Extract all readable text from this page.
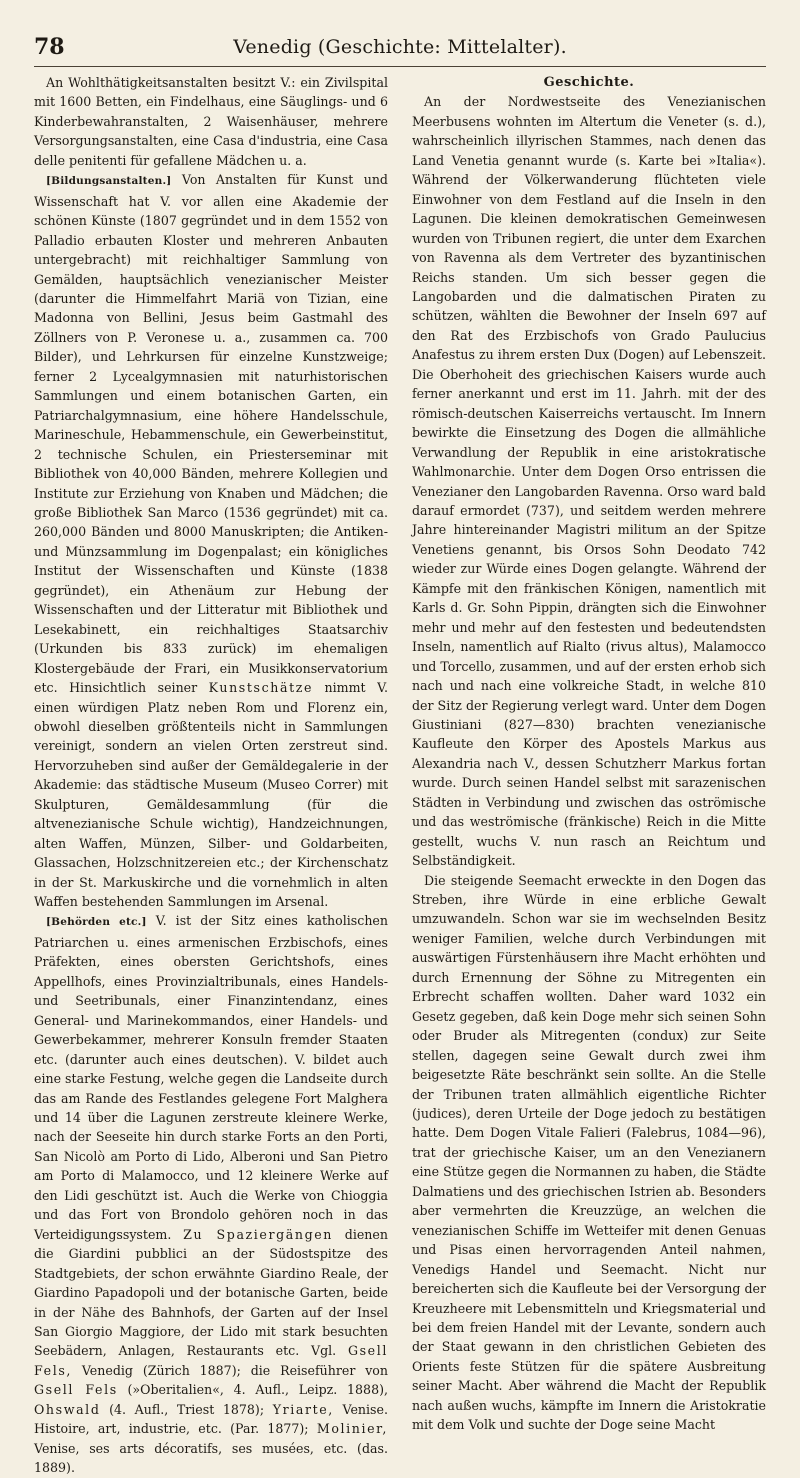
78	Venedig (Geschichte: Mittelalter).

An Wohlthätigkeitsanstalten besitzt V.: ein Zivilspital mit 1600 Betten, ein Findelhaus, eine Säuglings- und 6 Kinderbewahranstalten, 2 Waisenhäuser, mehrere Versorgungsanstalten, eine Casa d'industria, eine Casa delle penitenti für gefallene Mädchen u. a.

[Bildungsanstalten.] Von Anstalten für Kunst und Wissenschaft hat V. vor allen eine Akademie der schönen Künste (1807 gegründet und in dem 1552 von Palladio erbauten Kloster und mehreren Anbauten untergebracht) mit reichhaltiger Sammlung von Gemälden, hauptsächlich venezianischer Meister (darunter die Himmelfahrt Mariä von Tizian, eine Madonna von Bellini, Jesus beim Gastmahl des Zöllners von P. Veronese u. a., zusammen ca. 700 Bilder), und Lehrkursen für einzelne Kunstzweige; ferner 2 Lycealgymnasien mit naturhistorischen Sammlungen und einem botanischen Garten, ein Patriarchalgymnasium, eine höhere Handelsschule, Marineschule, Hebammenschule, ein Gewerbeinstitut, 2 technische Schulen, ein Priesterseminar mit Bibliothek von 40,000 Bänden, mehrere Kollegien und Institute zur Erziehung von Knaben und Mädchen; die große Bibliothek San Marco (1536 gegründet) mit ca. 260,000 Bänden und 8000 Manuskripten; die Antiken- und Münzsammlung im Dogenpalast; ein königliches Institut der Wissenschaften und Künste (1838 gegründet), ein Athenäum zur Hebung der Wissenschaften und der Litteratur mit Bibliothek und Lesekabinett, ein reichhaltiges Staatsarchiv (Urkunden bis 833 zurück) im ehemaligen Klostergebäude der Frari, ein Musikkonservatorium etc. Hinsichtlich seiner Kunstschätze nimmt V. einen würdigen Platz neben Rom und Florenz ein, obwohl dieselben größtenteils nicht in Sammlungen vereinigt, sondern an vielen Orten zerstreut sind. Hervorzuheben sind außer der Gemäldegalerie in der Akademie: das städtische Museum (Museo Correr) mit Skulpturen, Gemäldesammlung (für die altvenezianische Schule wichtig), Handzeichnungen, alten Waffen, Münzen, Silber- und Goldarbeiten, Glassachen, Holzschnitzereien etc.; der Kirchenschatz in der St. Markuskirche und die vornehmlich in alten Waffen bestehenden Sammlungen im Arsenal.

[Behörden etc.] V. ist der Sitz eines katholischen Patriarchen u. eines armenischen Erzbischofs, eines Präfekten, eines obersten Gerichtshofs, eines Appellhofs, eines Provinzialtribunals, eines Handels- und Seetribunals, einer Finanzintendanz, eines General- und Marinekommandos, einer Handels- und Gewerbekammer, mehrerer Konsuln fremder Staaten etc. (darunter auch eines deutschen). V. bildet auch eine starke Festung, welche gegen die Landseite durch das am Rande des Festlandes gelegene Fort Malghera und 14 über die Lagunen zerstreute kleinere Werke, nach der Seeseite hin durch starke Forts an den Porti, San Nicolò am Porto di Lido, Alberoni und San Pietro am Porto di Malamocco, und 12 kleinere Werke auf den Lidi geschützt ist. Auch die Werke von Chioggia und das Fort von Brondolo gehören noch in das Verteidigungssystem. Zu Spaziergängen dienen die Giardini pubblici an der Südostspitze des Stadtgebiets, der schon erwähnte Giardino Reale, der Giardino Papadopoli und der botanische Garten, beide in der Nähe des Bahnhofs, der Garten auf der Insel San Giorgio Maggiore, der Lido mit stark besuchten Seebädern, Anlagen, Restaurants etc. Vgl. Gsell Fels, Venedig (Zürich 1887); die Reiseführer von Gsell Fels (»Oberitalien«, 4. Aufl., Leipz. 1888), Ohswald (4. Aufl., Triest 1878); Yriarte, Venise. Histoire, art, industrie, etc. (Par. 1877); Molinier, Venise, ses arts décoratifs, ses musées, etc. (das. 1889).

Geschichte.

An der Nordwestseite des Venezianischen Meerbusens wohnten im Altertum die Veneter (s. d.), wahrscheinlich illyrischen Stammes, nach denen das Land Venetia genannt wurde (s. Karte bei »Italia«). Während der Völkerwanderung flüchteten viele Einwohner von dem Festland auf die Inseln in den Lagunen. Die kleinen demokratischen Gemeinwesen wurden von Tribunen regiert, die unter dem Exarchen von Ravenna als dem Vertreter des byzantinischen Reichs standen. Um sich besser gegen die Langobarden und die dalmatischen Piraten zu schützen, wählten die Bewohner der Inseln 697 auf den Rat des Erzbischofs von Grado Paulucius Anafestus zu ihrem ersten Dux (Dogen) auf Lebenszeit. Die Oberhoheit des griechischen Kaisers wurde auch ferner anerkannt und erst im 11. Jahrh. mit der des römisch-deutschen Kaiserreichs vertauscht. Im Innern bewirkte die Einsetzung des Dogen die allmähliche Verwandlung der Republik in eine aristokratische Wahlmonarchie. Unter dem Dogen Orso entrissen die Venezianer den Langobarden Ravenna. Orso ward bald darauf ermordet (737), und seitdem werden mehrere Jahre hintereinander Magistri militum an der Spitze Venetiens genannt, bis Orsos Sohn Deodato 742 wieder zur Würde eines Dogen gelangte. Während der Kämpfe mit den fränkischen Königen, namentlich mit Karls d. Gr. Sohn Pippin, drängten sich die Einwohner mehr und mehr auf den festesten und bedeutendsten Inseln, namentlich auf Rialto (rivus altus), Malamocco und Torcello, zusammen, und auf der ersten erhob sich nach und nach eine volkreiche Stadt, in welche 810 der Sitz der Regierung verlegt ward. Unter dem Dogen Giustiniani (827—830) brachten venezianische Kaufleute den Körper des Apostels Markus aus Alexandria nach V., dessen Schutzherr Markus fortan wurde. Durch seinen Handel selbst mit sarazenischen Städten in Verbindung und zwischen das oströmische und das weströmische (fränkische) Reich in die Mitte gestellt, wuchs V. nun rasch an Reichtum und Selbständigkeit.

Die steigende Seemacht erweckte in den Dogen das Streben, ihre Würde in eine erbliche Gewalt umzuwandeln. Schon war sie im wechselnden Besitz weniger Familien, welche durch Verbindungen mit auswärtigen Fürstenhäusern ihre Macht erhöhten und durch Ernennung der Söhne zu Mitregenten ein Erbrecht schaffen wollten. Daher ward 1032 ein Gesetz gegeben, daß kein Doge mehr sich seinen Sohn oder Bruder als Mitregenten (condux) zur Seite stellen, dagegen seine Gewalt durch zwei ihm beigesetzte Räte beschränkt sein sollte. An die Stelle der Tribunen traten allmählich eigentliche Richter (judices), deren Urteile der Doge jedoch zu bestätigen hatte. Dem Dogen Vitale Falieri (Falebrus, 1084—96), trat der griechische Kaiser, um an den Venezianern eine Stütze gegen die Normannen zu haben, die Städte Dalmatiens und des griechischen Istrien ab. Besonders aber vermehrten die Kreuzzüge, an welchen die venezianischen Schiffe im Wetteifer mit denen Genuas und Pisas einen hervorragenden Anteil nahmen, Venedigs Handel und Seemacht. Nicht nur bereicherten sich die Kaufleute bei der Versorgung der Kreuzheere mit Lebensmitteln und Kriegsmaterial und bei dem freien Handel mit der Levante, sondern auch der Staat gewann in den christlichen Gebieten des Orients feste Stützen für die spätere Ausbreitung seiner Macht. Aber während die Macht der Republik nach außen wuchs, kämpfte im Innern die Aristokratie mit dem Volk und suchte der Doge seine Macht
